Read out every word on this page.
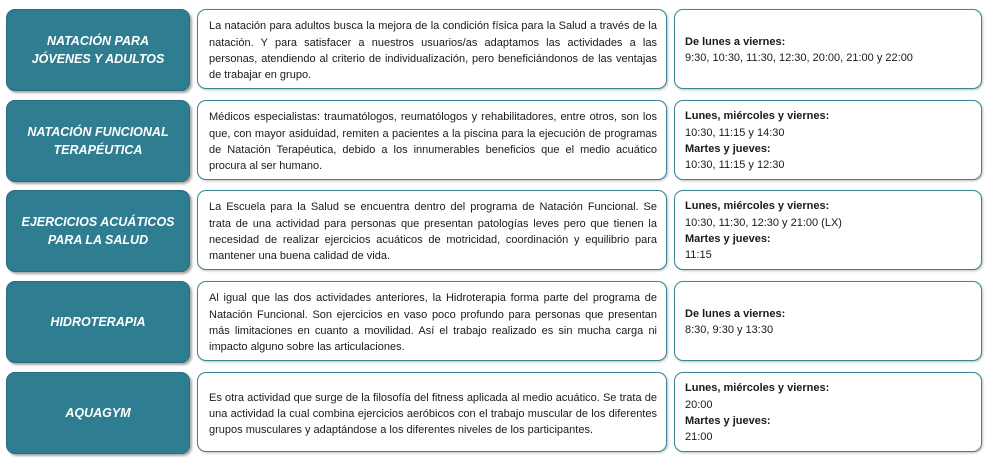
NATACIÓN PARA JÓVENES Y ADULTOS

La natación para adultos busca la mejora de la condición física para la Salud a través de la natación. Y para satisfacer a nuestros usuarios/as adaptamos las actividades a las personas, atendiendo al criterio de individualización, pero beneficiándonos de las ventajas de trabajar en grupo.

De lunes a viernes:
9:30, 10:30, 11:30, 12:30, 20:00, 21:00 y 22:00
NATACIÓN FUNCIONAL TERAPÉUTICA

Médicos especialistas: traumatólogos, reumatólogos y rehabilitadores, entre otros, son los que, con mayor asiduidad, remiten a pacientes a la piscina para la ejecución de programas de Natación Terapéutica, debido a los innumerables beneficios que el medio acuático procura al ser humano.

Lunes, miércoles y viernes:
10:30, 11:15 y 14:30
Martes y jueves:
10:30, 11:15 y 12:30
EJERCICIOS ACUÁTICOS PARA LA SALUD

La Escuela para la Salud se encuentra dentro del programa de Natación Funcional. Se trata de una actividad para personas que presentan patologías leves pero que tienen la necesidad de realizar ejercicios acuáticos de motricidad, coordinación y equilibrio para mantener una buena calidad de vida.

Lunes, miércoles y viernes:
10:30, 11:30, 12:30 y 21:00 (LX)
Martes y jueves:
11:15
HIDROTERAPIA

Al igual que las dos actividades anteriores, la Hidroterapia forma parte del programa de Natación Funcional. Son ejercicios en vaso poco profundo para personas que presentan más limitaciones en cuanto a movilidad. Así el trabajo realizado es sin mucha carga ni impacto alguno sobre las articulaciones.

De lunes a viernes:
8:30, 9:30 y 13:30
AQUAGYM

Es otra actividad que surge de la filosofía del fitness aplicada al medio acuático. Se trata de una actividad la cual combina ejercicios aeróbicos con el trabajo muscular de los diferentes grupos musculares y adaptándose a los diferentes niveles de los participantes.

Lunes, miércoles y viernes:
20:00
Martes y jueves:
21:00
